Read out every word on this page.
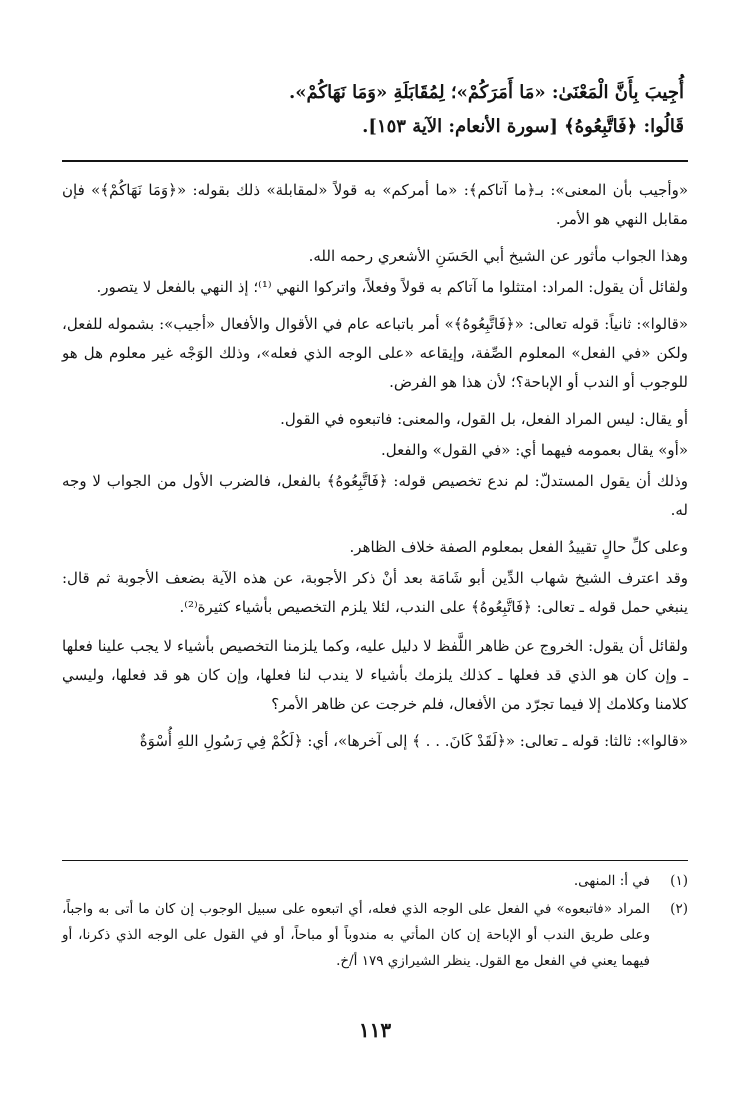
أُجِيبَ بِأَنَّ الْمَعْنَىٰ: «مَا أَمَرَكُمْ»؛ لِمُقَابَلَةِ «وَمَا نَهَاكُمْ».

قَالُوا: ﴿فَاتَّبِعُوهُ﴾ [سورة الأنعام: الآية ١٥٣].

«وأجيب بأن المعنى»: بـ﴿ما آتاكم﴾: «ما أمركم» به قولاً «لمقابلة» ذلك بقوله: «﴿وَمَا نَهَاكُمْ﴾» فإن مقابل النهي هو الأمر.

وهذا الجواب مأثور عن الشيخ أبي الحَسَنِ الأشعري رحمه الله.

ولقائل أن يقول: المراد: امتثلوا ما آتاكم به قولاً وفعلاً، واتركوا النهي ⁽¹⁾؛ إذ النهي بالفعل لا يتصور.

«قالوا»: ثانياً: قوله تعالى: «﴿فَاتَّبِعُوهُ﴾» أمر باتباعه عام في الأقوال والأفعال «أجيب»: بشموله للفعل، ولكن «في الفعل» المعلوم الصِّفة، وإيقاعه «على الوجه الذي فعله»، وذلك الوَجْه غير معلوم هل هو للوجوب أو الندب أو الإباحة؟؛ لأن هذا هو الفرض.

أو يقال: ليس المراد الفعل، بل القول، والمعنى: فاتبعوه في القول.

«أو» يقال بعمومه فيهما أي: «في القول» والفعل.

وذلك أن يقول المستدلّ: لم ندع تخصيص قوله: ﴿فَاتَّبِعُوهُ﴾ بالفعل، فالضرب الأول من الجواب لا وجه له.

وعلى كلِّ حالٍ تقييدُ الفعل بمعلوم الصفة خلاف الظاهر.

وقد اعترف الشيخ شهاب الدِّين أبو شَامَة بعد أنْ ذكر الأجوبة، عن هذه الآية بضعف الأجوبة ثم قال: ينبغي حمل قوله ـ تعالى: ﴿فَاتَّبِعُوهُ﴾ على الندب، لئلا يلزم التخصيص بأشياء كثيرة⁽²⁾.

ولقائل أن يقول: الخروج عن ظاهر اللَّفظ لا دليل عليه، وكما يلزمنا التخصيص بأشياء لا يجب علينا فعلها ـ وإن كان هو الذي قد فعلها ـ كذلك يلزمك بأشياء لا يندب لنا فعلها، وإن كان هو قد فعلها، وليسي كلامنا وكلامك إلا فيما تجرّد من الأفعال، فلم خرجت عن ظاهر الأمر؟

«قالوا»: ثالثا: قوله ـ تعالى: «﴿لَقَدْ كَانَ. . . ﴾ إلى آخرها»، أي: ﴿لَكُمْ فِي رَسُولِ اللهِ أُسْوَةٌ

(١)
في أ: المنهى.
(٢)
المراد «فاتبعوه» في الفعل على الوجه الذي فعله، أي اتبعوه على سبيل الوجوب إن كان ما أتى به واجباً، وعلى طريق الندب أو الإباحة إن كان المأتي به مندوباً أو مباحاً، أو في القول على الوجه الذي ذكرنا، أو فيهما يعني في الفعل مع القول. ينظر الشيرازي ١٧٩ أ/خ.
١١٣
